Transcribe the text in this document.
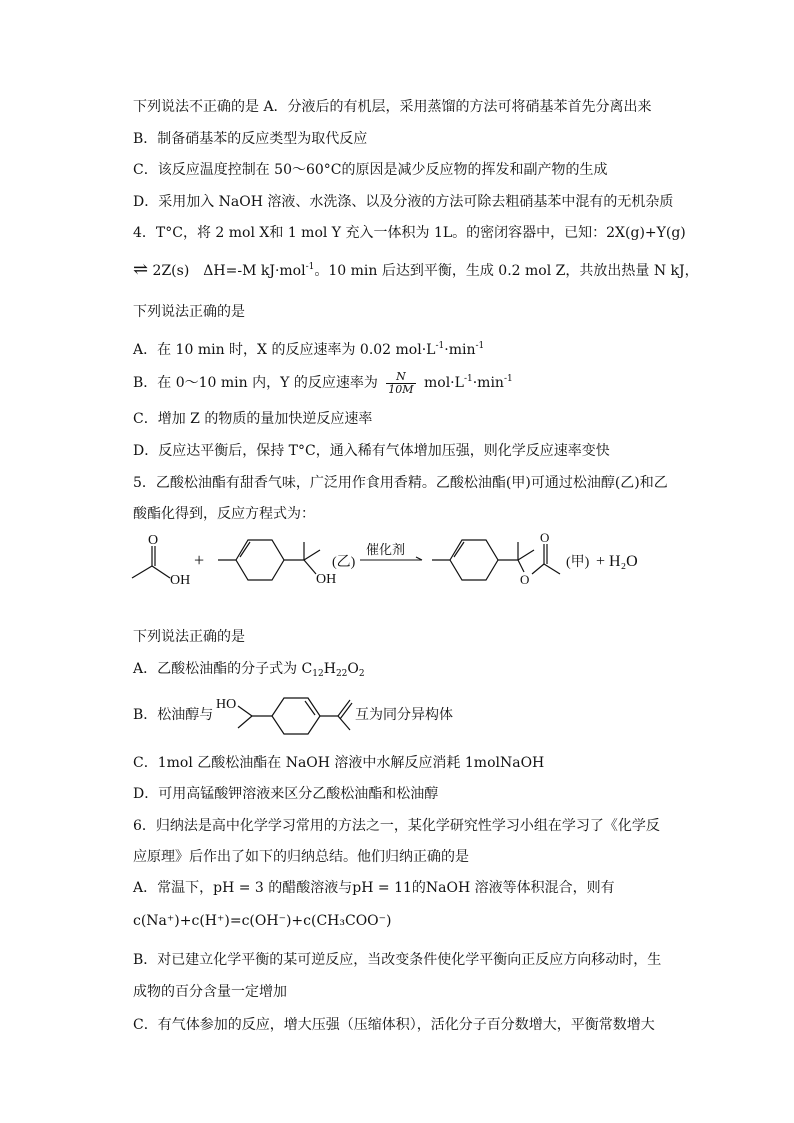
下列说法不正确的是 A．分液后的有机层，采用蒸馏的方法可将硝基苯首先分离出来
B．制备硝基苯的反应类型为取代反应
C．该反应温度控制在 50～60°C的原因是减少反应物的挥发和副产物的生成
D．采用加入 NaOH 溶液、水洗涤、以及分液的方法可除去粗硝基苯中混有的无机杂质
4．T°C，将 2 mol X和 1 mol Y 充入一体积为 1L。的密闭容器中，已知：2X(g)+Y(g)
⇌ 2Z(s)　ΔH=-M kJ·mol$^{-1}$。10 min 后达到平衡，生成 0.2 mol Z，共放出热量 N kJ，
下列说法正确的是
A．在 10 min 时，X 的反应速率为 0.02 $mol\cdot L^{-1}\cdot\min^{-1}$
B．在 0～10 min 内，Y 的反应速率为 $\frac{N}{10M} mol\cdot L^{-1}\cdot\min^{-1}$
C．增加 Z 的物质的量加快逆反应速率
D．反应达平衡后，保持 T°C，通入稀有气体增加压强，则化学反应速率变快
5．乙酸松油酯有甜香气味，广泛用作食用香精。乙酸松油酯(甲)可通过松油醇(乙)和乙
酸酯化得到，反应方程式为：
O
OH
+
OH
(乙)
催化剂
O
O
(甲) + H₂O
下列说法正确的是
A．乙酸松油酯的分子式为 $C_{12}H_{22}O_2$
B．松油醇与
HO
互为同分异构体
C．1mol 乙酸松油酯在 NaOH 溶液中水解反应消耗 1molNaOH
D．可用高锰酸钾溶液来区分乙酸松油酯和松油醇
6．归纳法是高中化学学习常用的方法之一，某化学研究性学习小组在学习了《化学反
应原理》后作出了如下的归纳总结。他们归纳正确的是
A．常温下，pH = 3 的醋酸溶液与pH = 11的NaOH 溶液等体积混合，则有
c(Na⁺)+c(H⁺)=c(OH⁻)+c(CH₃COO⁻)
B．对已建立化学平衡的某可逆反应，当改变条件使化学平衡向正反应方向移动时，生
成物的百分含量一定增加
C．有气体参加的反应，增大压强（压缩体积），活化分子百分数增大，平衡常数增大
